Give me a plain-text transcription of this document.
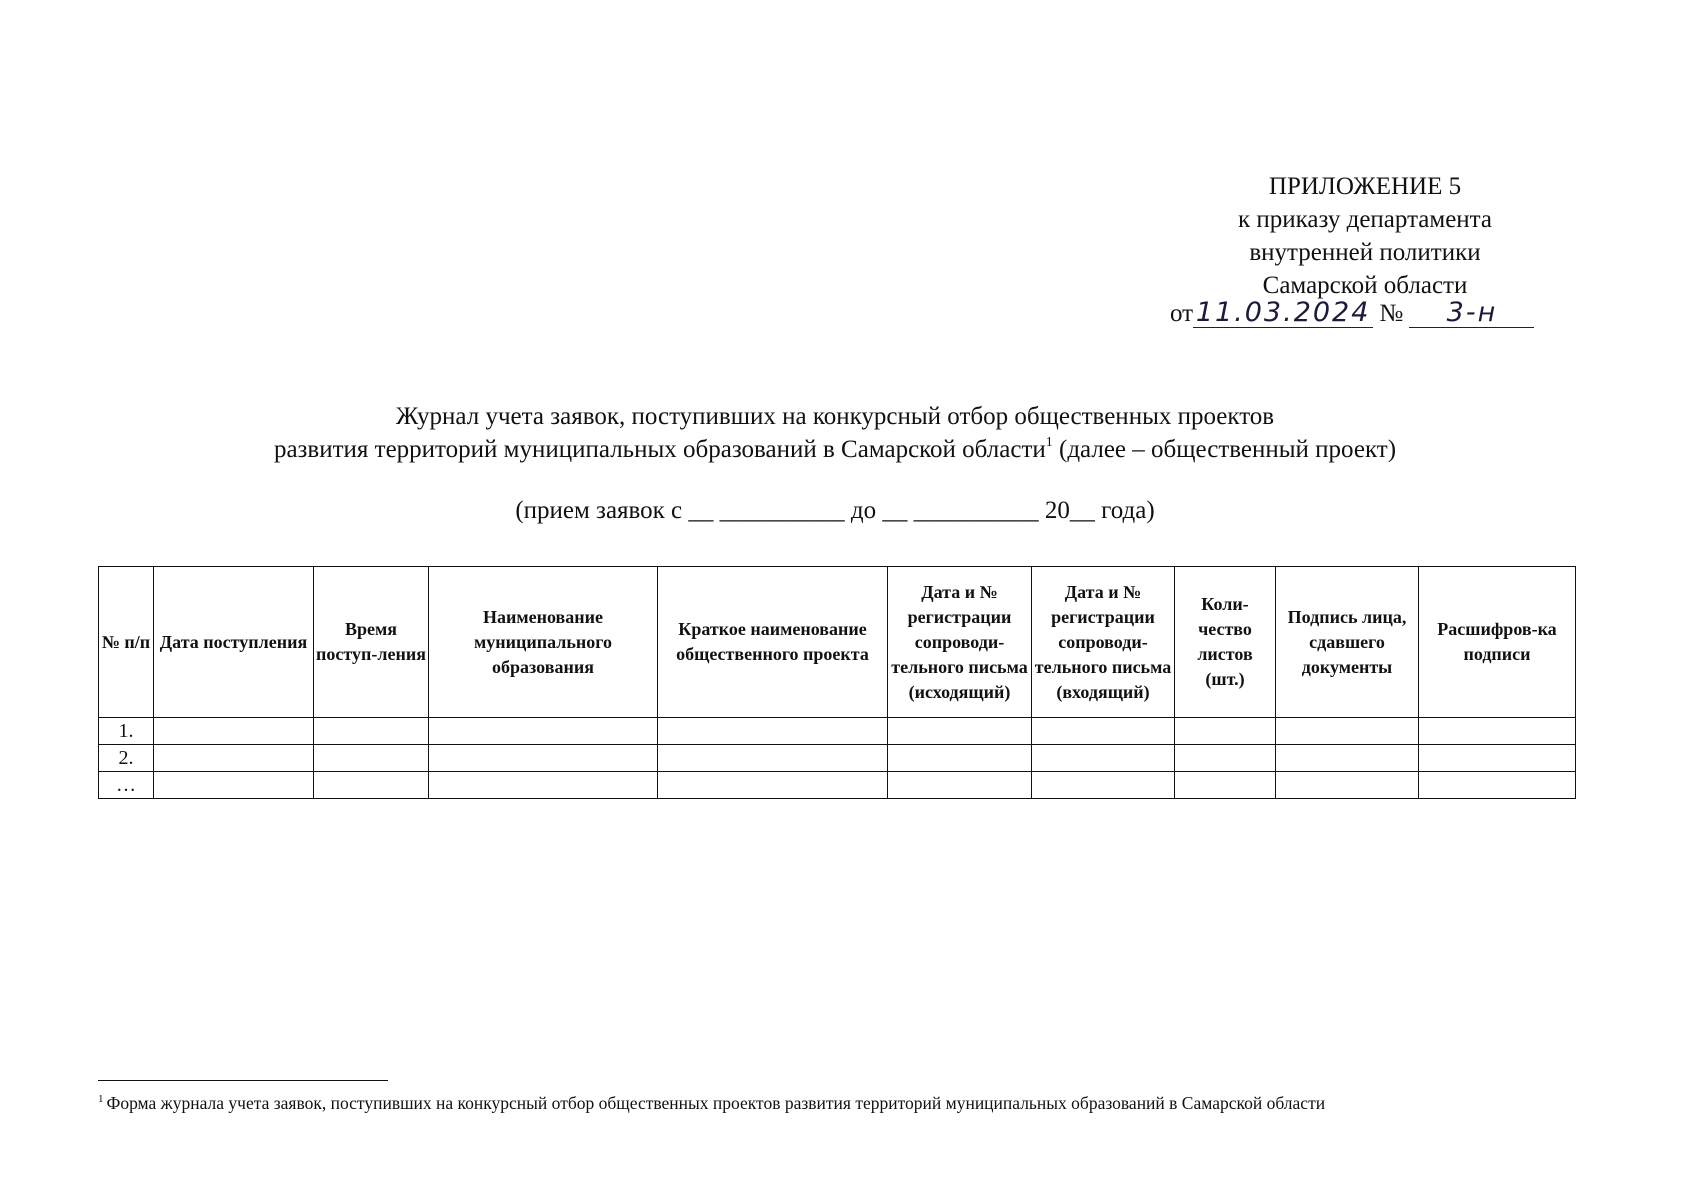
ПРИЛОЖЕНИЕ 5
к приказу департамента
внутренней политики
Самарской области
от 11.03.2024 № 3-н
Журнал учета заявок, поступивших на конкурсный отбор общественных проектов
развития территорий муниципальных образований в Самарской области$^1$ (далее – общественный проект)
(прием заявок с __ __________ до __ __________ 20__ года)
№ п/п	Дата поступления	Время поступ-ления	Наименование муниципального образования	Краткое наименование общественного проекта	Дата и № регистрации сопроводи-тельного письма (исходящий)	Дата и № регистрации сопроводи-тельного письма (входящий)	Коли-чество листов (шт.)	Подпись лица, сдавшего документы	Расшифров-ка подписи
1.									
2.									
…									
$^1$ Форма журнала учета заявок, поступивших на конкурсный отбор общественных проектов развития территорий муниципальных образований в Самарской области
